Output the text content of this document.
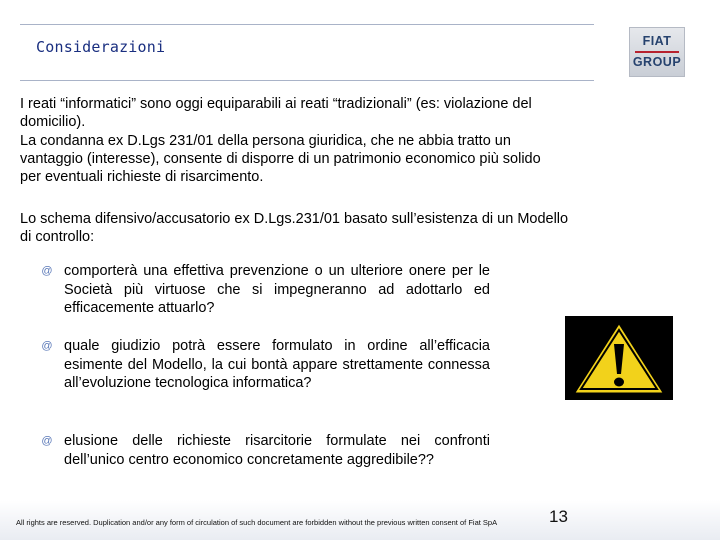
Considerazioni	FIAT
GROUP
I reati “informatici” sono oggi equiparabili ai reati “tradizionali” (es: violazione del
domicilio).
La condanna ex D.Lgs 231/01 della persona giuridica, che ne abbia tratto un
vantaggio (interesse), consente di disporre di un patrimonio economico più solido
per eventuali richieste di risarcimento.
Lo schema difensivo/accusatorio ex D.Lgs.231/01 basato sull’esistenza di un Modello
di controllo:
@ comporterà una effettiva prevenzione o un ulteriore onere per le Società più virtuose che si impegneranno ad adottarlo ed efficacemente attuarlo?
@ quale giudizio potrà essere formulato in ordine all’efficacia esimente del Modello, la cui bontà appare strettamente connessa all’evoluzione tecnologica informatica?
@ elusione delle richieste risarcitorie formulate nei confronti dell’unico centro economico concretamente aggredibile??
All rights are reserved. Duplication and/or any form of circulation of such document are forbidden without the previous written consent of Fiat SpA	13
